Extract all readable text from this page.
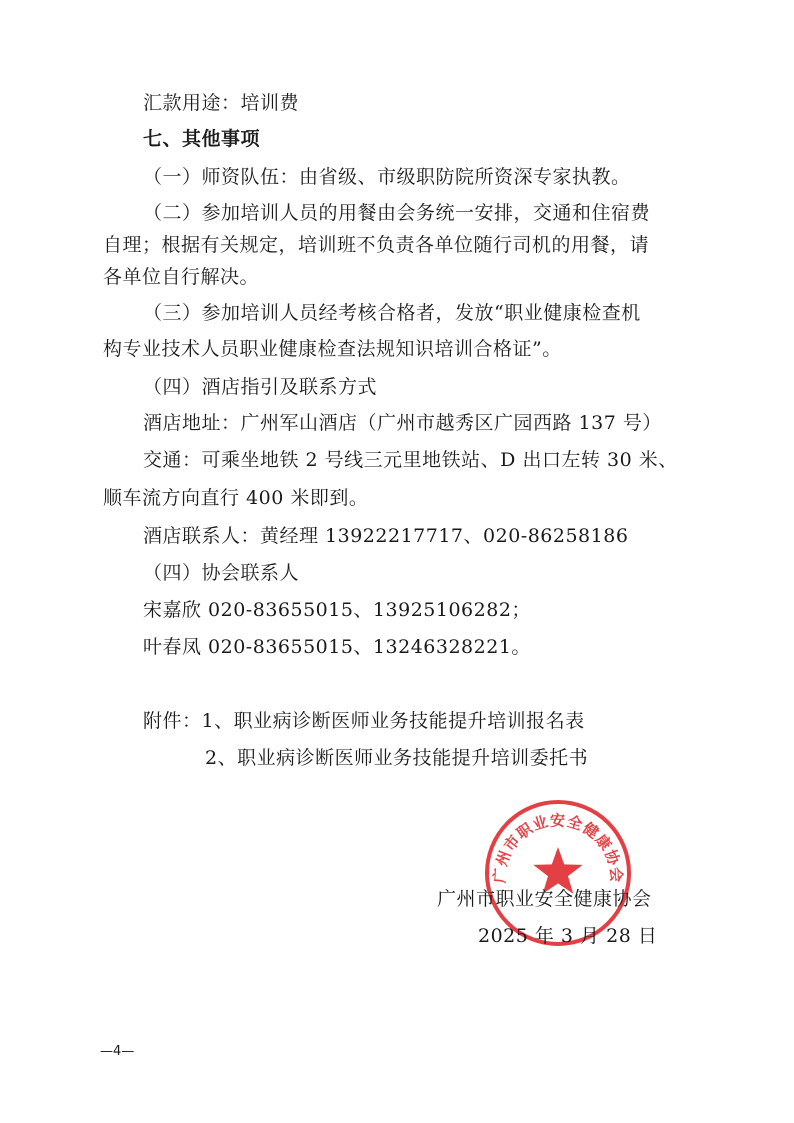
汇款用途：培训费
七、其他事项
（一）师资队伍：由省级、市级职防院所资深专家执教。
（二）参加培训人员的用餐由会务统一安排，交通和住宿费
自理；根据有关规定，培训班不负责各单位随行司机的用餐，请
各单位自行解决。
（三）参加培训人员经考核合格者，发放“职业健康检查机
构专业技术人员职业健康检查法规知识培训合格证”。
（四）酒店指引及联系方式
酒店地址：广州军山酒店（广州市越秀区广园西路 137 号）
交通：可乘坐地铁 2 号线三元里地铁站、D 出口左转 30 米、
顺车流方向直行 400 米即到。
酒店联系人：黄经理 13922217717、020-86258186
（四）协会联系人
宋嘉欣 020-83655015、13925106282；
叶春凤 020-83655015、13246328221。
附件：1、职业病诊断医师业务技能提升培训报名表
2、职业病诊断医师业务技能提升培训委托书
广州市职业安全健康协会
广州市职业安全健康协会
2025 年 3 月 28 日
—4—
